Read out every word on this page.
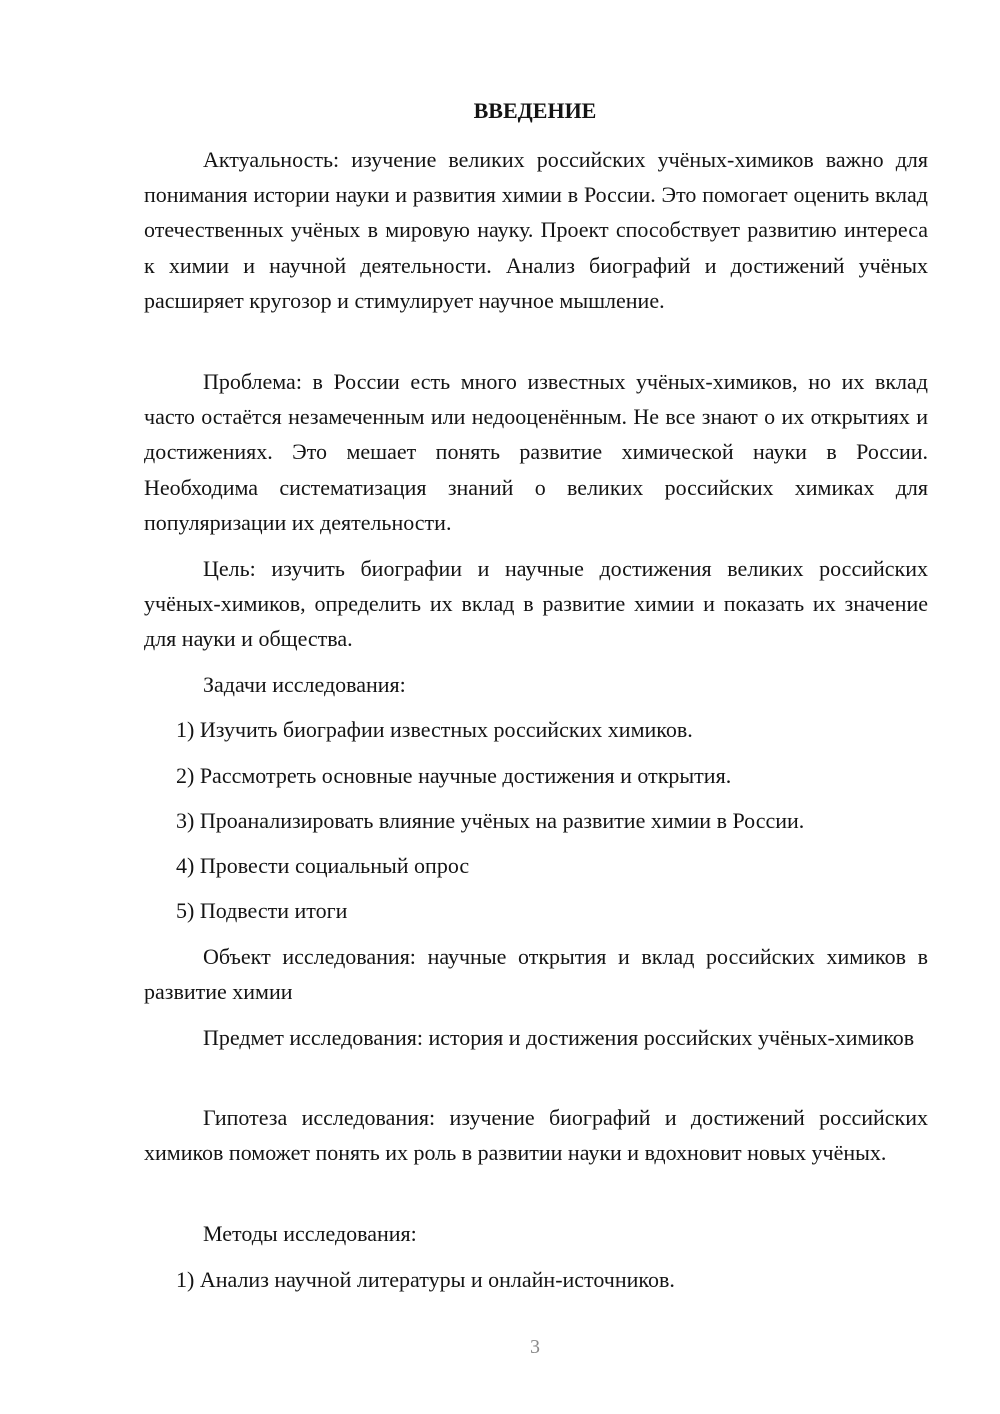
ВВЕДЕНИЕ

Актуальность: изучение великих российских учёных-химиков важно для понимания истории науки и развития химии в России. Это помогает оценить вклад отечественных учёных в мировую науку. Проект способствует развитию интереса к химии и научной деятельности. Анализ биографий и достижений учёных расширяет кругозор и стимулирует научное мышление.

Проблема: в России есть много известных учёных-химиков, но их вклад часто остаётся незамеченным или недооценённым. Не все знают о их открытиях и достижениях. Это мешает понять развитие химической науки в России. Необходима систематизация знаний о великих российских химиках для популяризации их деятельности.

Цель: изучить биографии и научные достижения великих российских учёных-химиков, определить их вклад в развитие химии и показать их значение для науки и общества.

Задачи исследования:

1) Изучить биографии известных российских химиков.

2) Рассмотреть основные научные достижения и открытия.

3) Проанализировать влияние учёных на развитие химии в России.

4) Провести социальный опрос

5) Подвести итоги

Объект исследования: научные открытия и вклад российских химиков в развитие химии

Предмет исследования: история и достижения российских учёных-химиков

Гипотеза исследования: изучение биографий и достижений российских химиков поможет понять их роль в развитии науки и вдохновит новых учёных.

Методы исследования:

1) Анализ научной литературы и онлайн-источников.

3
